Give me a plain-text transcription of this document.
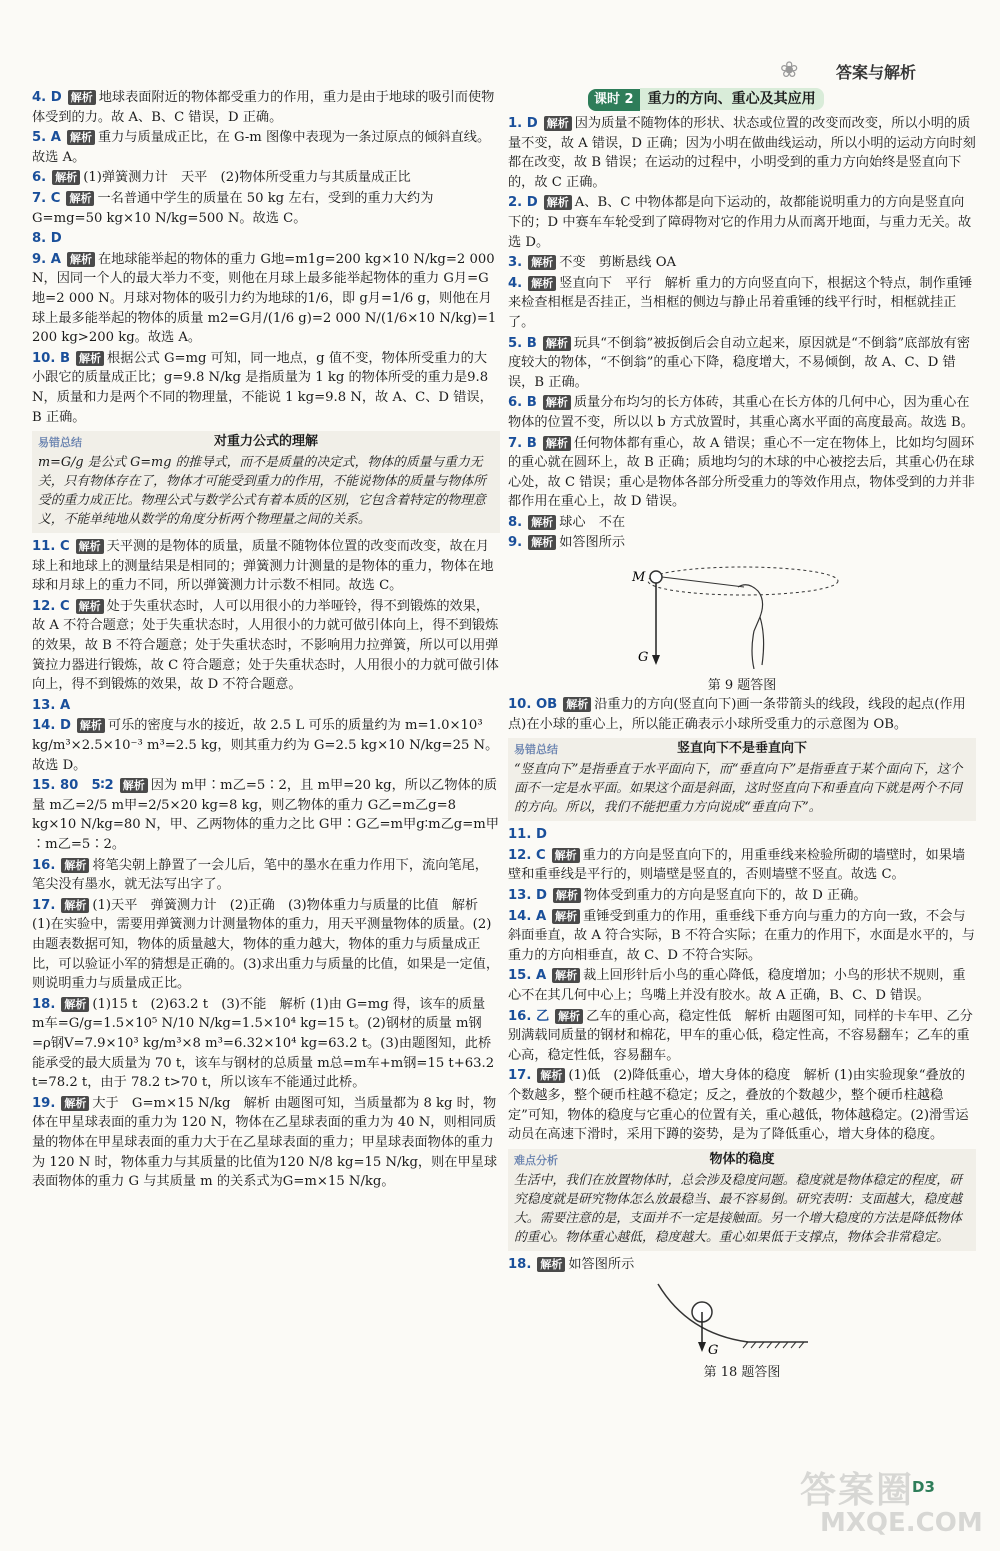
❀ 答案与解析
4. D 解析 地球表面附近的物体都受重力的作用，重力是由于地球的吸引而使物体受到的力。故 A、B、C 错误，D 正确。
5. A 解析 重力与质量成正比，在 G-m 图像中表现为一条过原点的倾斜直线。故选 A。
6. 解析 (1)弹簧测力计　天平　(2)物体所受重力与其质量成正比
7. C 解析 一名普通中学生的质量在 50 kg 左右，受到的重力大约为 G=mg=50 kg×10 N/kg=500 N。故选 C。
8. D
9. A 解析 在地球能举起的物体的重力 G地=m1g=200 kg×10 N/kg=2 000 N，因同一个人的最大举力不变，则他在月球上最多能举起物体的重力 G月=G地=2 000 N。月球对物体的吸引力约为地球的1/6，即 g月=1/6 g，则他在月球上最多能举起的物体的质量 m2=G月/(1/6 g)=2 000 N/(1/6×10 N/kg)=1 200 kg>200 kg。故选 A。
10. B 解析 根据公式 G=mg 可知，同一地点，g 值不变，物体所受重力的大小跟它的质量成正比；g=9.8 N/kg 是指质量为 1 kg 的物体所受的重力是9.8 N，质量和力是两个不同的物理量，不能说 1 kg=9.8 N，故 A、C、D 错误，B 正确。
易错总结	对重力公式的理解
m=G/g 是公式 G=mg 的推导式，而不是质量的决定式，物体的质量与重力无关，只有物体存在了，物体才可能受到重力的作用，不能说物体的质量与物体所受的重力成正比。物理公式与数学公式有着本质的区别，它包含着特定的物理意义，不能单纯地从数学的角度分析两个物理量之间的关系。
11. C 解析 天平测的是物体的质量，质量不随物体位置的改变而改变，故在月球上和地球上的测量结果是相同的；弹簧测力计测量的是物体的重力，物体在地球和月球上的重力不同，所以弹簧测力计示数不相同。故选 C。
12. C 解析 处于失重状态时，人可以用很小的力举哑铃，得不到锻炼的效果，故 A 不符合题意；处于失重状态时，人用很小的力就可做引体向上，得不到锻炼的效果，故 B 不符合题意；处于失重状态时，不影响用力拉弹簧，所以可以用弹簧拉力器进行锻炼，故 C 符合题意；处于失重状态时，人用很小的力就可做引体向上，得不到锻炼的效果，故 D 不符合题意。
13. A
14. D 解析 可乐的密度与水的接近，故 2.5 L 可乐的质量约为 m=1.0×10³ kg/m³×2.5×10⁻³ m³=2.5 kg，则其重力约为 G=2.5 kg×10 N/kg=25 N。故选 D。
15. 80　5∶2 解析 因为 m甲∶m乙=5∶2，且 m甲=20 kg，所以乙物体的质量 m乙=2/5 m甲=2/5×20 kg=8 kg，则乙物体的重力 G乙=m乙g=8 kg×10 N/kg=80 N，甲、乙两物体的重力之比 G甲∶G乙=m甲g∶m乙g=m甲∶m乙=5∶2。
16. 解析 将笔尖朝上静置了一会儿后，笔中的墨水在重力作用下，流向笔尾，笔尖没有墨水，就无法写出字了。
17. 解析 (1)天平　弹簧测力计　(2)正确　(3)物体重力与质量的比值　解析 (1)在实验中，需要用弹簧测力计测量物体的重力，用天平测量物体的质量。(2)由题表数据可知，物体的质量越大，物体的重力越大，物体的重力与质量成正比，可以验证小军的猜想是正确的。(3)求出重力与质量的比值，如果是一定值，则说明重力与质量成正比。
18. 解析 (1)15 t　(2)63.2 t　(3)不能　解析 (1)由 G=mg 得，该车的质量 m车=G/g=1.5×10⁵ N/10 N/kg=1.5×10⁴ kg=15 t。(2)钢材的质量 m钢=ρ钢V=7.9×10³ kg/m³×8 m³=6.32×10⁴ kg=63.2 t。(3)由题图知，此桥能承受的最大质量为 70 t，该车与钢材的总质量 m总=m车+m钢=15 t+63.2 t=78.2 t，由于 78.2 t>70 t，所以该车不能通过此桥。
19. 解析 大于　G=m×15 N/kg　解析 由题图可知，当质量都为 8 kg 时，物体在甲星球表面的重力为 120 N，物体在乙星球表面的重力为 40 N，则相同质量的物体在甲星球表面的重力大于在乙星球表面的重力；甲星球表面物体的重力为 120 N 时，物体重力与其质量的比值为120 N/8 kg=15 N/kg，则在甲星球表面物体的重力 G 与其质量 m 的关系式为G=m×15 N/kg。
课时 2 重力的方向、重心及其应用
1. D 解析 因为质量不随物体的形状、状态或位置的改变而改变，所以小明的质量不变，故 A 错误，D 正确；因为小明在做曲线运动，所以小明的运动方向时刻都在改变，故 B 错误；在运动的过程中，小明受到的重力方向始终是竖直向下的，故 C 正确。
2. D 解析 A、B、C 中物体都是向下运动的，故都能说明重力的方向是竖直向下的；D 中赛车车轮受到了障碍物对它的作用力从而离开地面，与重力无关。故选 D。
3. 解析 不变　剪断悬线 OA
4. 解析 竖直向下　平行　解析 重力的方向竖直向下，根据这个特点，制作重锤来检查相框是否挂正，当相框的侧边与静止吊着重锤的线平行时，相框就挂正了。
5. B 解析 玩具“不倒翁”被扳倒后会自动立起来，原因就是“不倒翁”底部放有密度较大的物体，“不倒翁”的重心下降，稳度增大，不易倾倒，故 A、C、D 错误，B 正确。
6. B 解析 质量分布均匀的长方体砖，其重心在长方体的几何中心，因为重心在物体的位置不变，所以以 b 方式放置时，其重心离水平面的高度最高。故选 B。
7. B 解析 任何物体都有重心，故 A 错误；重心不一定在物体上，比如均匀圆环的重心就在圆环上，故 B 正确；质地均匀的木球的中心被挖去后，其重心仍在球心处，故 C 错误；重心是物体各部分所受重力的等效作用点，物体受到的力并非都作用在重心上，故 D 错误。
8. 解析 球心　不在
9. 解析 如答图所示
M
G
第 9 题答图
10. OB 解析 沿重力的方向(竖直向下)画一条带箭头的线段，线段的起点(作用点)在小球的重心上，所以能正确表示小球所受重力的示意图为 OB。
易错总结	竖直向下不是垂直向下
“竖直向下”是指垂直于水平面向下，而“垂直向下”是指垂直于某个面向下，这个面不一定是水平面。如果这个面是斜面，这时竖直向下和垂直向下就是两个不同的方向。所以，我们不能把重力方向说成“垂直向下”。
11. D
12. C 解析 重力的方向是竖直向下的，用重垂线来检验所砌的墙壁时，如果墙壁和重垂线是平行的，则墙壁是竖直的，否则墙壁不竖直。故选 C。
13. D 解析 物体受到重力的方向是竖直向下的，故 D 正确。
14. A 解析 重锤受到重力的作用，重垂线下垂方向与重力的方向一致，不会与斜面垂直，故 A 符合实际，B 不符合实际；在重力的作用下，水面是水平的，与重力的方向相垂直，故 C、D 不符合实际。
15. A 解析 裁上回形针后小鸟的重心降低，稳度增加；小鸟的形状不规则，重心不在其几何中心上；鸟嘴上并没有胶水。故 A 正确，B、C、D 错误。
16. 乙 解析 乙车的重心高，稳定性低　解析 由题图可知，同样的卡车甲、乙分别满载同质量的钢材和棉花，甲车的重心低，稳定性高，不容易翻车；乙车的重心高，稳定性低，容易翻车。
17. 解析 (1)低　(2)降低重心，增大身体的稳度　解析 (1)由实验现象“叠放的个数越多，整个硬币柱越不稳定；反之，叠放的个数越少，整个硬币柱越稳定”可知，物体的稳度与它重心的位置有关，重心越低，物体越稳定。(2)滑雪运动员在高速下滑时，采用下蹲的姿势，是为了降低重心，增大身体的稳度。
难点分析	物体的稳度
生活中，我们在放置物体时，总会涉及稳度问题。稳度就是物体稳定的程度，研究稳度就是研究物体怎么放最稳当、最不容易倒。研究表明：支面越大，稳度越大。需要注意的是，支面并不一定是接触面。另一个增大稳度的方法是降低物体的重心。物体重心越低，稳度越大。重心如果低于支撑点，物体会非常稳定。
18. 解析 如答图所示
G
第 18 题答图
答案圈
MXQE.COM
D3
